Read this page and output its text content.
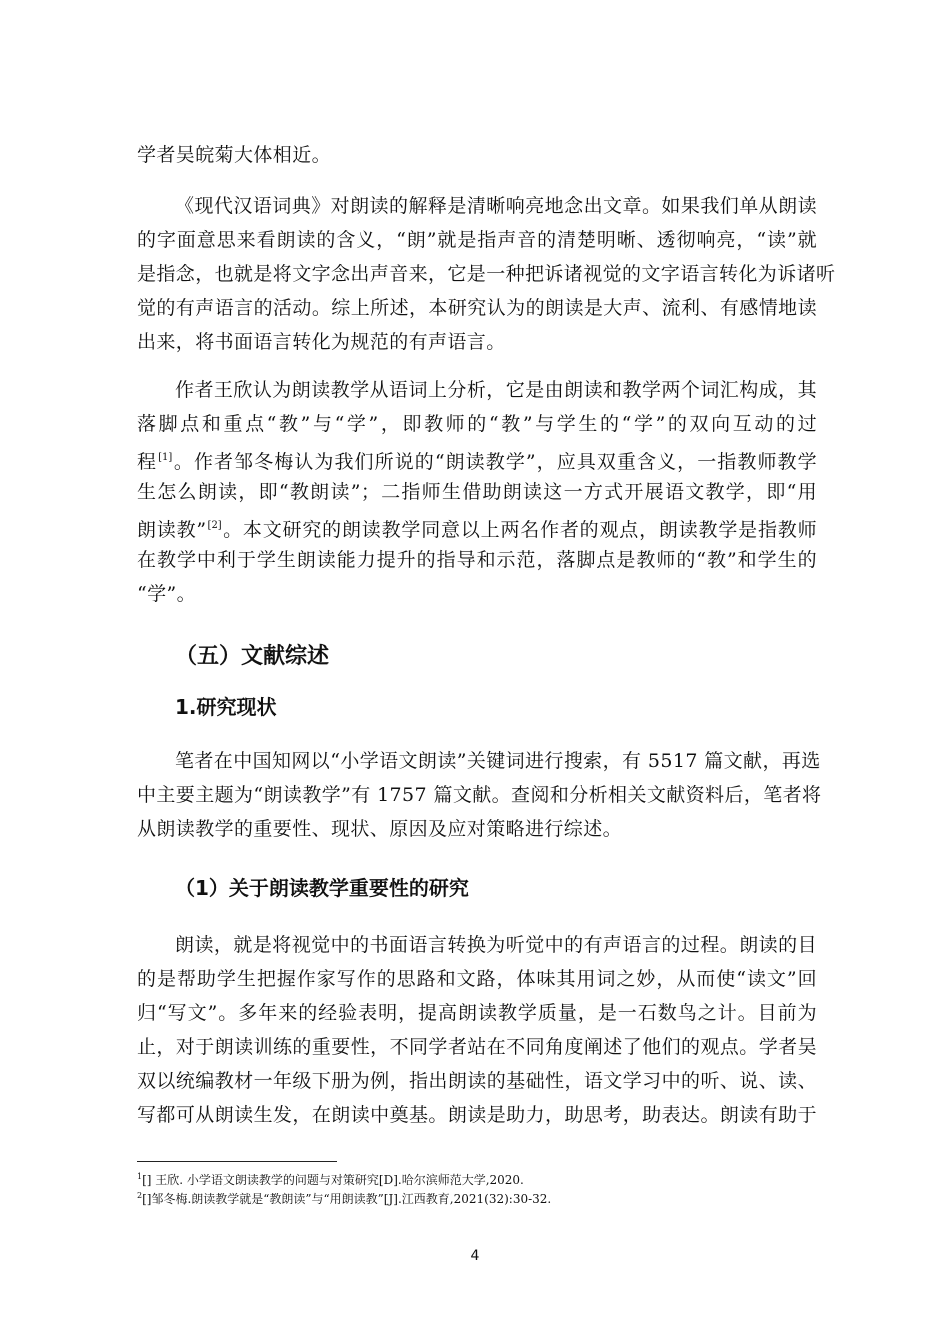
学者吴皖菊大体相近。
《现代汉语词典》对朗读的解释是清晰响亮地念出文章。如果我们单从朗读
的字面意思来看朗读的含义，“朗”就是指声音的清楚明晰、透彻响亮，“读”就
是指念，也就是将文字念出声音来，它是一种把诉诸视觉的文字语言转化为诉诸听
觉的有声语言的活动。综上所述，本研究认为的朗读是大声、流利、有感情地读
出来，将书面语言转化为规范的有声语言。
作者王欣认为朗读教学从语词上分析，它是由朗读和教学两个词汇构成，其
落脚点和重点“教”与“学”，即教师的“教”与学生的“学”的双向互动的过
程[1]。作者邹冬梅认为我们所说的“朗读教学”，应具双重含义，一指教师教学
生怎么朗读，即“教朗读”；二指师生借助朗读这一方式开展语文教学，即“用
朗读教”[2]。本文研究的朗读教学同意以上两名作者的观点，朗读教学是指教师
在教学中利于学生朗读能力提升的指导和示范，落脚点是教师的“教”和学生的
“学”。
（五）文献综述
1.研究现状
笔者在中国知网以“小学语文朗读”关键词进行搜索，有 5517 篇文献，再选
中主要主题为“朗读教学”有 1757 篇文献。查阅和分析相关文献资料后，笔者将
从朗读教学的重要性、现状、原因及应对策略进行综述。
（1）关于朗读教学重要性的研究
朗读，就是将视觉中的书面语言转换为听觉中的有声语言的过程。朗读的目
的是帮助学生把握作家写作的思路和文路，体味其用词之妙，从而使“读文”回
归“写文”。多年来的经验表明，提高朗读教学质量，是一石数鸟之计。目前为
止，对于朗读训练的重要性，不同学者站在不同角度阐述了他们的观点。学者吴
双以统编教材一年级下册为例，指出朗读的基础性，语文学习中的听、说、读、
写都可从朗读生发，在朗读中奠基。朗读是助力，助思考，助表达。朗读有助于
$^1$[] 王欣. 小学语文朗读教学的问题与对策研究[D].哈尔滨师范大学,2020.
$^2$[]邹冬梅.朗读教学就是“教朗读”与“用朗读教”[J].江西教育,2021(32):30-32.
4
